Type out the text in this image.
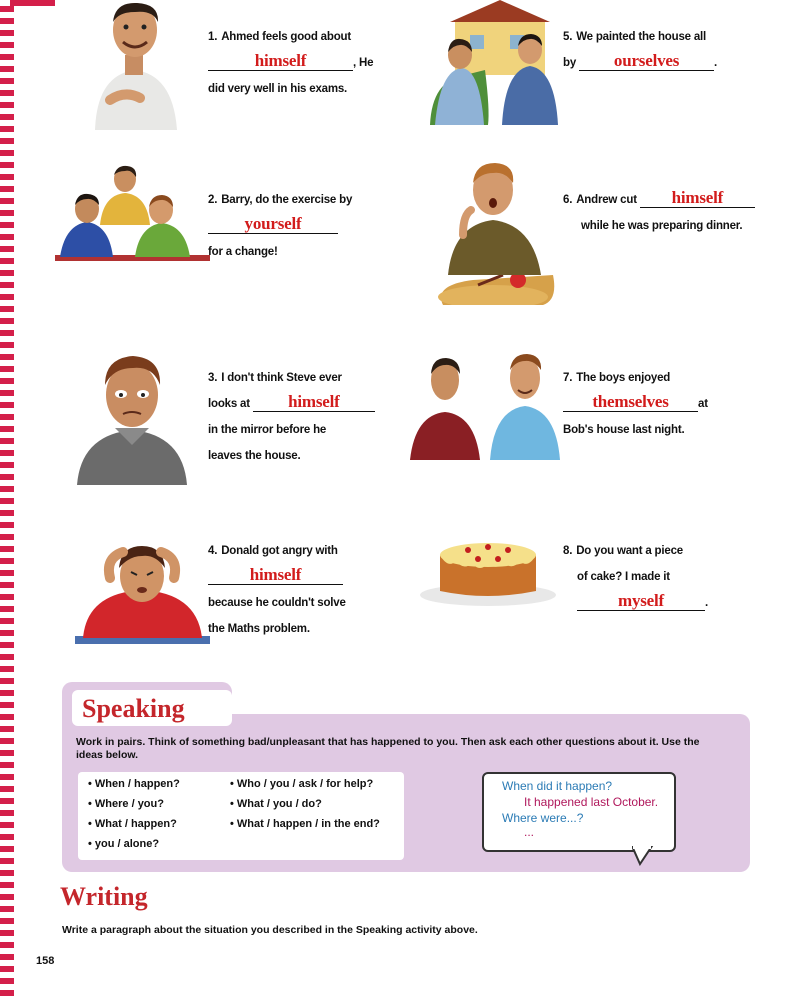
1. Ahmed feels good about
himself	, He
did very well in his exams.
2. Barry, do the exercise by
yourself
for a change!
3. I don't think Steve ever
looks at himself
in the mirror before he
leaves the house.
4. Donald got angry with
himself
because he couldn't solve
the Maths problem.
5. We painted the house all
by ourselves	.
6. Andrew cut himself
while he was preparing dinner.
7. The boys enjoyed
themselves	at
Bob's house last night.
8. Do you want a piece
of cake? I made it
myself	.
Speaking
Work in pairs. Think of something bad/unpleasant that has happened to you. Then ask each other questions about it. Use the ideas below.
• When / happen?
• Where / you?
• What / happen?
• you / alone?
• Who / you / ask / for help?
• What / you / do?
• What / happen / in the end?
When did it happen?
It happened last October.
Where were...?
...
Writing
Write a paragraph about the situation you described in the Speaking activity above.
158
